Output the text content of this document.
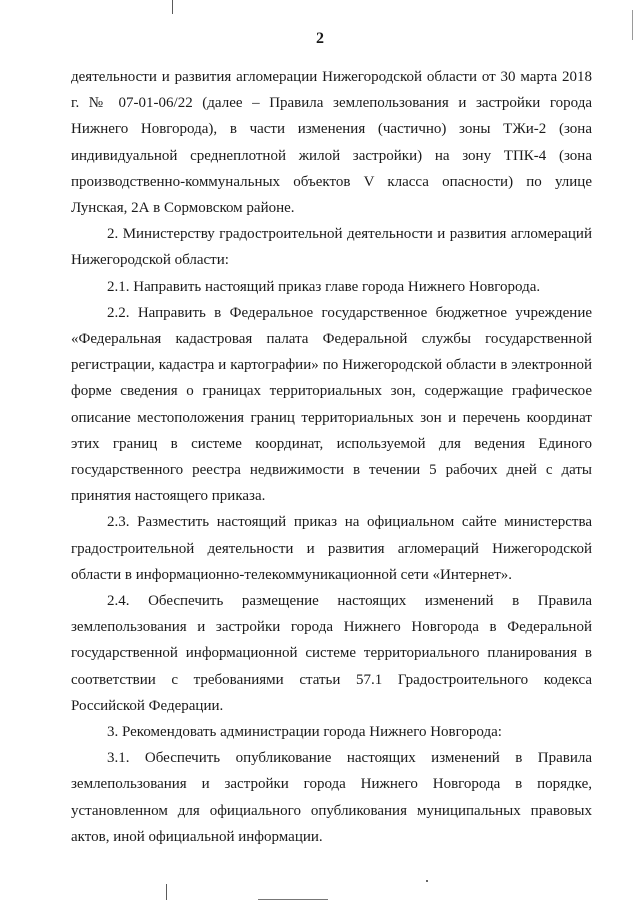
2

деятельности и развития агломерации Нижегородской области от 30 марта 2018 г. № 07-01-06/22 (далее – Правила землепользования и застройки города Нижнего Новгорода), в части изменения (частично) зоны ТЖи-2 (зона индивидуальной среднеплотной жилой застройки) на зону ТПК-4 (зона производственно-коммунальных объектов V класса опасности) по улице Лунская, 2А в Сормовском районе.

2. Министерству градостроительной деятельности и развития агломераций Нижегородской области:

2.1. Направить настоящий приказ главе города Нижнего Новгорода.

2.2. Направить в Федеральное государственное бюджетное учреждение «Федеральная кадастровая палата Федеральной службы государственной регистрации, кадастра и картографии» по Нижегородской области в электронной форме сведения о границах территориальных зон, содержащие графическое описание местоположения границ территориальных зон и перечень координат этих границ в системе координат, используемой для ведения Единого государственного реестра недвижимости в течении 5 рабочих дней с даты принятия настоящего приказа.

2.3. Разместить настоящий приказ на официальном сайте министерства градостроительной деятельности и развития агломераций Нижегородской области в информационно-телекоммуникационной сети «Интернет».

2.4. Обеспечить размещение настоящих изменений в Правила землепользования и застройки города Нижнего Новгорода в Федеральной государственной информационной системе территориального планирования в соответствии с требованиями статьи 57.1 Градостроительного кодекса Российской Федерации.

3. Рекомендовать администрации города Нижнего Новгорода:

3.1. Обеспечить опубликование настоящих изменений в Правила землепользования и застройки города Нижнего Новгорода в порядке, установленном для официального опубликования муниципальных правовых актов, иной официальной информации.
